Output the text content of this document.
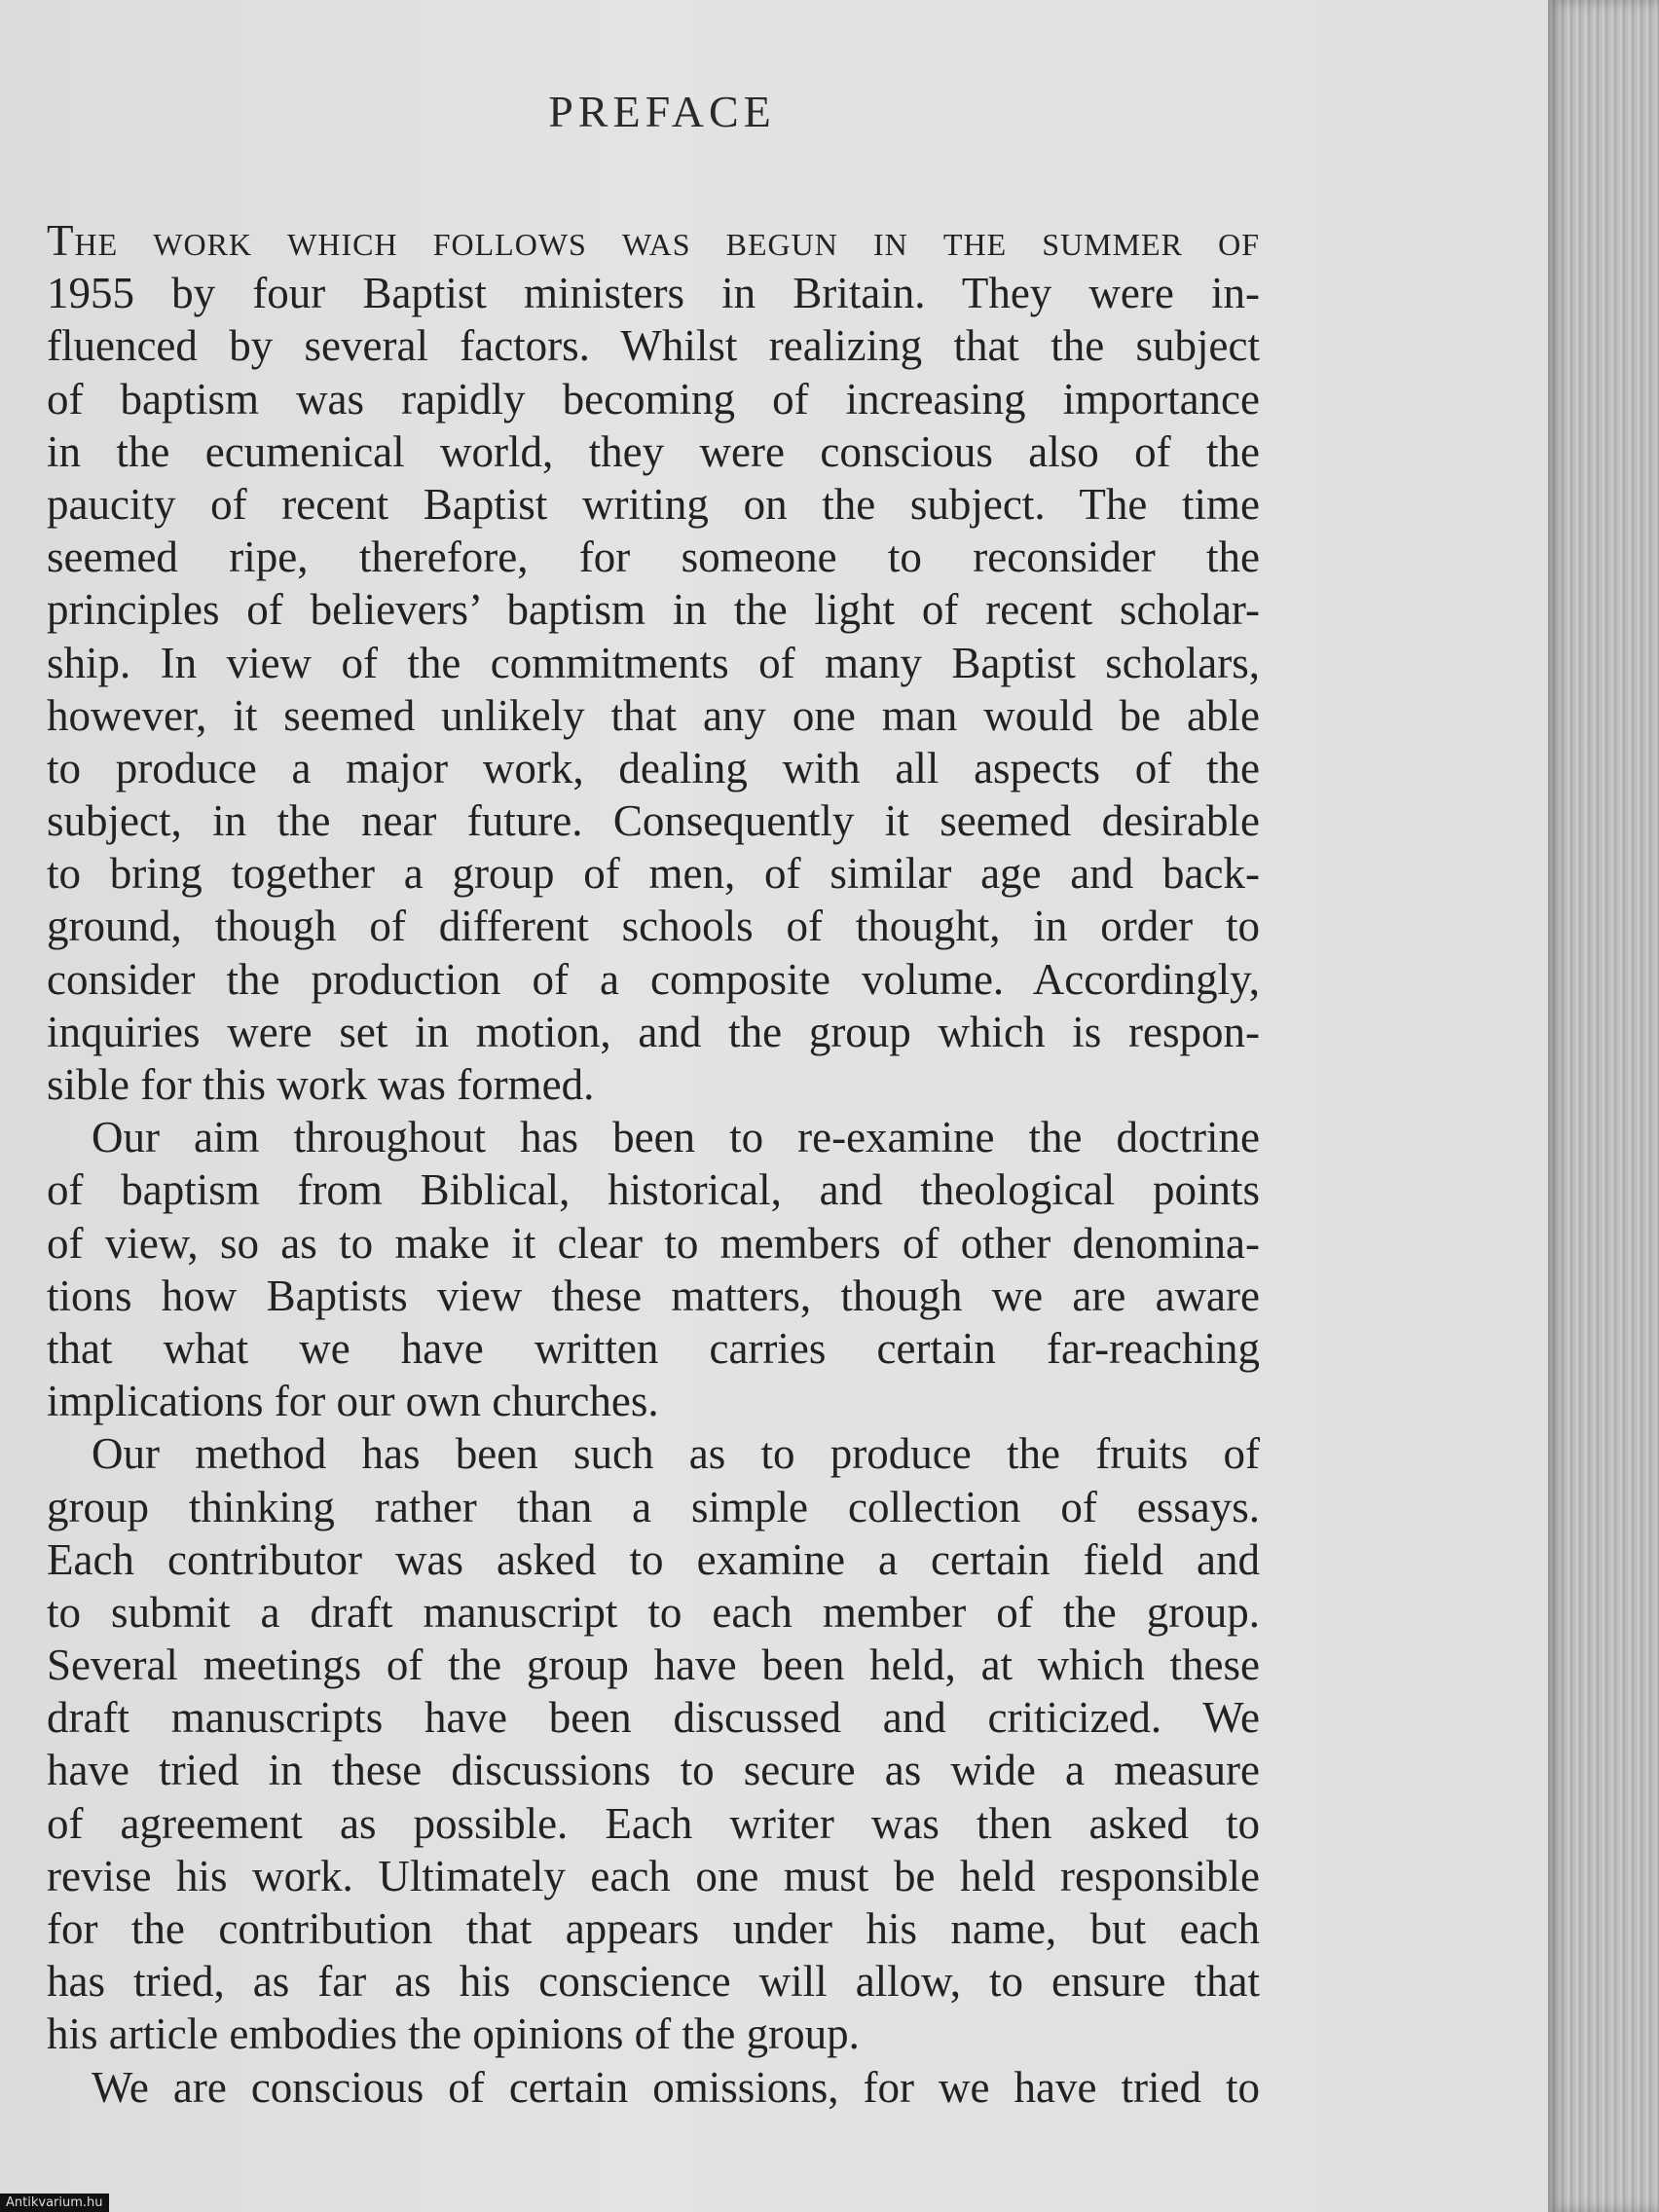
PREFACE
The work which follows was begun in the summer of
1955 by four Baptist ministers in Britain. They were in-
fluenced by several factors. Whilst realizing that the subject
of baptism was rapidly becoming of increasing importance
in the ecumenical world, they were conscious also of the
paucity of recent Baptist writing on the subject. The time
seemed ripe, therefore, for someone to reconsider the
principles of believers’ baptism in the light of recent scholar-
ship. In view of the commitments of many Baptist scholars,
however, it seemed unlikely that any one man would be able
to produce a major work, dealing with all aspects of the
subject, in the near future. Consequently it seemed desirable
to bring together a group of men, of similar age and back-
ground, though of different schools of thought, in order to
consider the production of a composite volume. Accordingly,
inquiries were set in motion, and the group which is respon-
sible for this work was formed.
Our aim throughout has been to re-examine the doctrine
of baptism from Biblical, historical, and theological points
of view, so as to make it clear to members of other denomina-
tions how Baptists view these matters, though we are aware
that what we have written carries certain far-reaching
implications for our own churches.
Our method has been such as to produce the fruits of
group thinking rather than a simple collection of essays.
Each contributor was asked to examine a certain field and
to submit a draft manuscript to each member of the group.
Several meetings of the group have been held, at which these
draft manuscripts have been discussed and criticized. We
have tried in these discussions to secure as wide a measure
of agreement as possible. Each writer was then asked to
revise his work. Ultimately each one must be held responsible
for the contribution that appears under his name, but each
has tried, as far as his conscience will allow, to ensure that
his article embodies the opinions of the group.
We are conscious of certain omissions, for we have tried to
Antikvarium.hu
